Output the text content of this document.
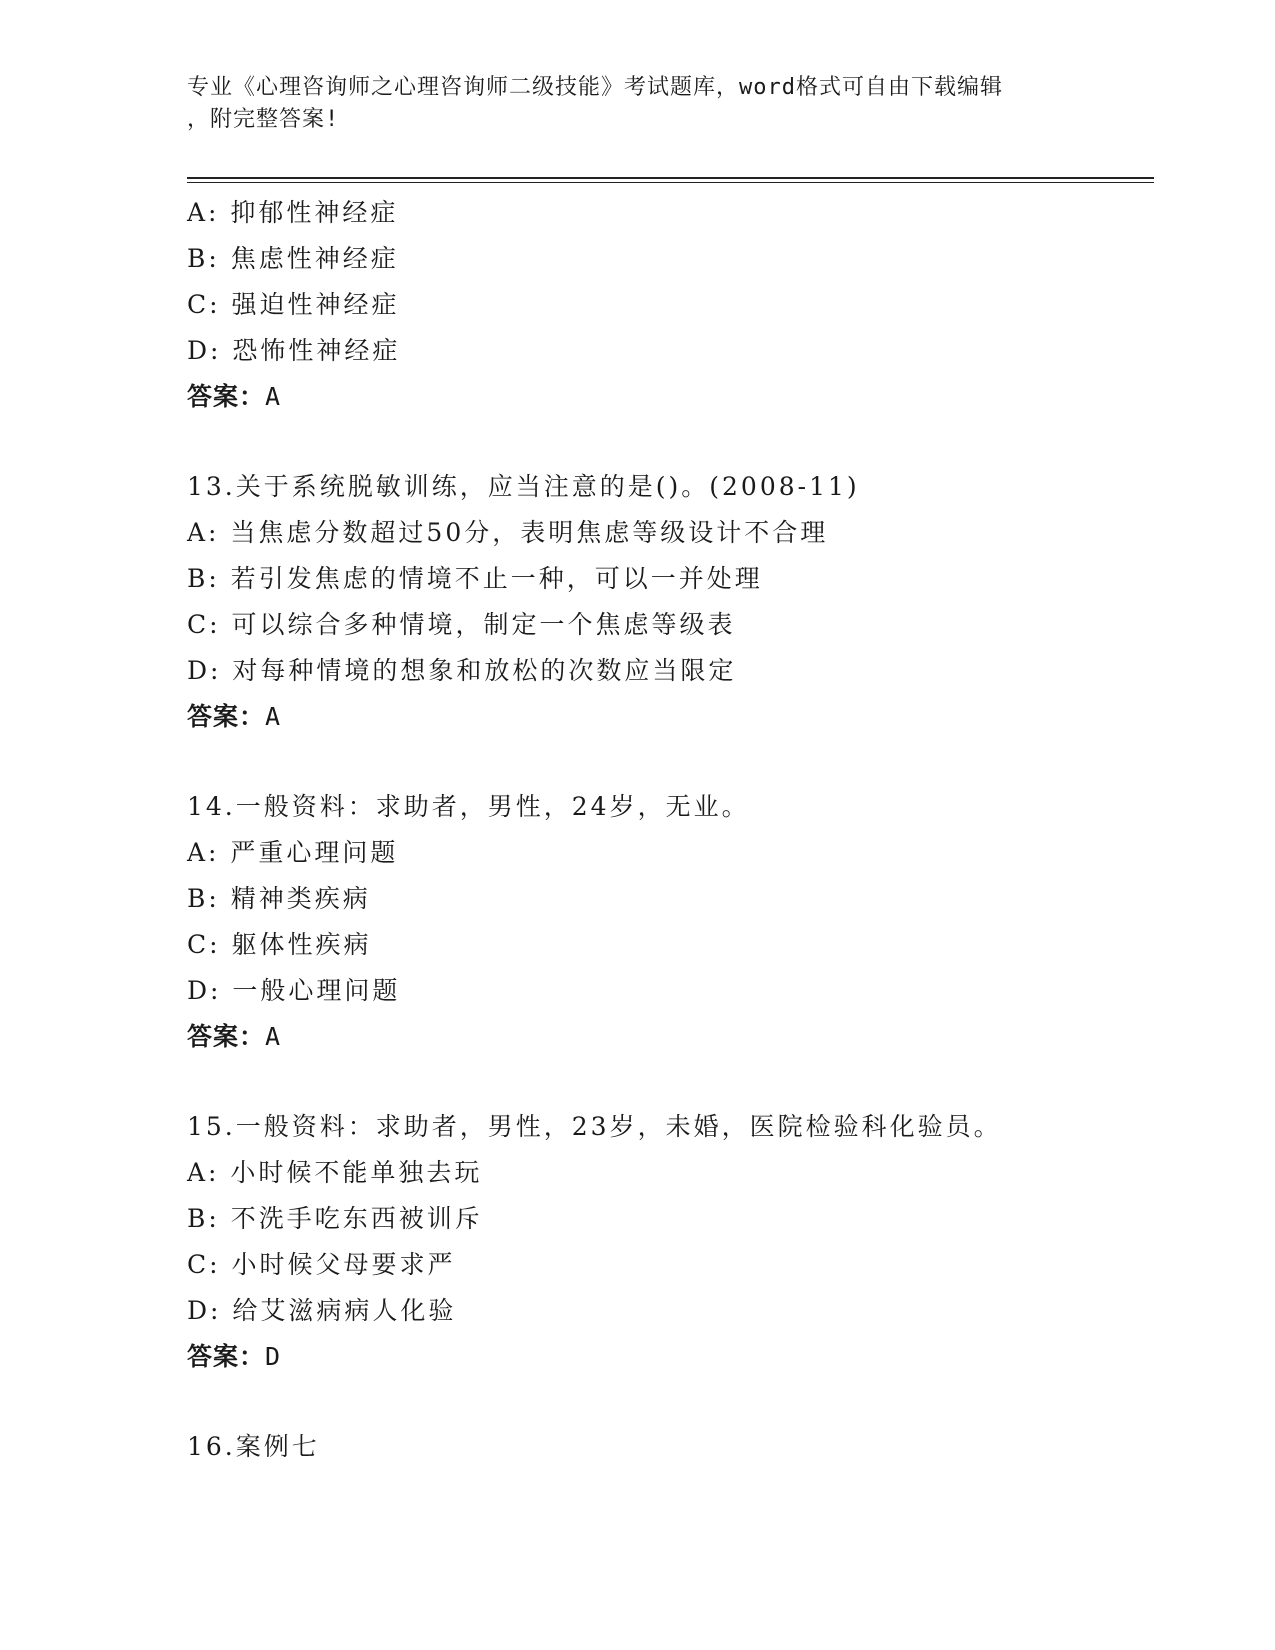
专业《心理咨询师之心理咨询师二级技能》考试题库，word格式可自由下载编辑
，附完整答案!
A: 抑郁性神经症
B: 焦虑性神经症
C: 强迫性神经症
D: 恐怖性神经症
答案：A
13.关于系统脱敏训练，应当注意的是()。(2008-11)
A: 当焦虑分数超过50分，表明焦虑等级设计不合理
B: 若引发焦虑的情境不止一种，可以一并处理
C: 可以综合多种情境，制定一个焦虑等级表
D: 对每种情境的想象和放松的次数应当限定
答案：A
14.一般资料：求助者，男性，24岁，无业。
A: 严重心理问题
B: 精神类疾病
C: 躯体性疾病
D: 一般心理问题
答案：A
15.一般资料：求助者，男性，23岁，未婚，医院检验科化验员。
A: 小时候不能单独去玩
B: 不洗手吃东西被训斥
C: 小时候父母要求严
D: 给艾滋病病人化验
答案：D
16.案例七
